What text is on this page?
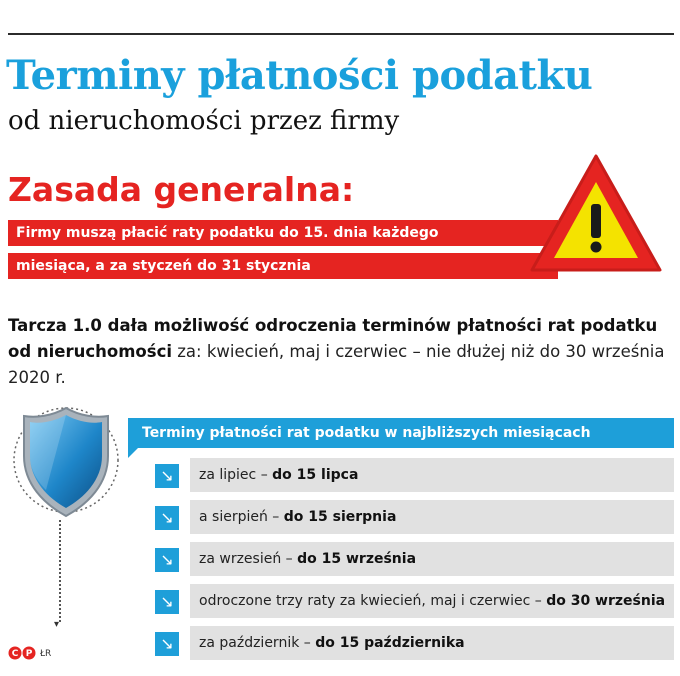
Terminy płatności podatku
od nieruchomości przez firmy
Zasada generalna:
Firmy muszą płacić raty podatku do 15. dnia każdego
miesiąca, a za styczeń do 31 stycznia

Tarcza 1.0 dała możliwość odroczenia terminów płatności rat podatku od nieruchomości za: kwiecień, maj i czerwiec – nie dłużej niż do 30 września 2020 r.

▾
C P ŁR
Terminy płatności rat podatku w najbliższych miesiącach
↘	za lipiec – do 15 lipca
↘	a sierpień – do 15 sierpnia
↘	za wrzesień – do 15 września
↘	odroczone trzy raty za kwiecień, maj i czerwiec – do 30 września
↘	za październik – do 15 października
